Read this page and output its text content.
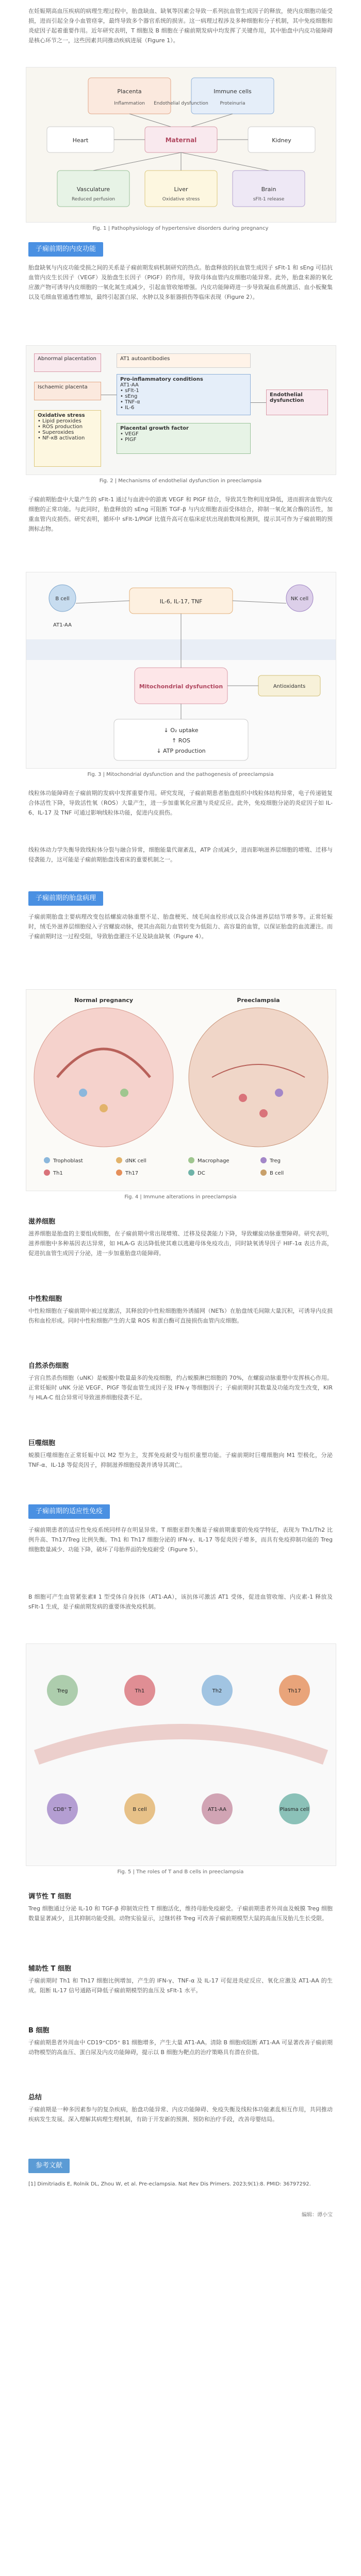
在妊娠期高血压疾病的病理生理过程中，胎盘缺血、缺氧等因素会导致一系列抗血管生成因子的释放，使内皮细胞功能受损，进而引起全身小血管痉挛，最终导致多个器官系统的损害。这一病理过程涉及多种细胞和分子机制，其中免疫细胞和炎症因子起着重要作用。近年研究表明，T 细胞及 B 细胞在子痫前期发病中均发挥了关键作用，其中胎盘中内皮功能障碍是核心环节之一，这些因素共同推动疾病进展（Figure 1）。
Placenta	Immune cells
Maternal
Heart	Kidney
Vasculature	Liver	Brain
Reduced perfusion	Oxidative stress	sFlt-1 release
Inflammation Endothelial dysfunction	Proteinuria
Fig. 1 | Pathophysiology of hypertensive disorders during pregnancy
子痫前期的内皮功能
胎盘缺氧与内皮功能受损之间的关系是子痫前期发病机制研究的热点。胎盘释放的抗血管生成因子 sFlt-1 和 sEng 可拮抗血管内皮生长因子（VEGF）及胎盘生长因子（PlGF）的作用，导致母体血管内皮细胞功能异常。此外，胎盘来源的氧化应激产物可诱导内皮细胞的一氧化氮生成减少，引起血管收缩增强。内皮功能障碍进一步导致凝血系统激活、血小板聚集以及毛细血管通透性增加，最终引起蛋白尿、水肿以及多脏器损伤等临床表现（Figure 2）。
Abnormal placentation
Ischaemic placenta
Oxidative stress
• Lipid peroxides
• ROS production
• Superoxides
• NF-κB activation
AT1 autoantibodies
Pro-inflammatory conditions
AT1-AA
• sFlt-1
• sEng
• TNF-α
• IL-6
Placental growth factor
• VEGF
• PlGF
Endothelial dysfunction
Fig. 2 | Mechanisms of endothelial dysfunction in preeclampsia
子痫前期胎盘中大量产生的 sFlt-1 通过与血液中的游离 VEGF 和 PlGF 结合，导致其生物利用度降低，进而损害血管内皮细胞的正常功能。与此同时，胎盘释放的 sEng 可阻断 TGF-β 与内皮细胞表面受体结合，抑制一氧化氮合酶的活性，加重血管内皮损伤。研究表明，循环中 sFlt-1/PlGF 比值升高可在临床症状出现前数周检测到，提示其可作为子痫前期的预测标志物。
B cell	NK cell
IL-6, IL-17, TNF
AT1-AA
Mitochondrial dysfunction	Antioxidants
↓ O₂ uptake
↑ ROS
↓ ATP production
Fig. 3 | Mitochondrial dysfunction and the pathogenesis of preeclampsia
线粒体功能障碍在子痫前期的发病中发挥重要作用。研究发现，子痫前期患者胎盘组织中线粒体结构异常，电子传递链复合体活性下降，导致活性氧（ROS）大量产生，进一步加重氧化应激与炎症反应。此外，免疫细胞分泌的炎症因子如 IL-6、IL-17 及 TNF 可通过影响线粒体功能，促进内皮损伤。
线粒体动力学失衡导致线粒体分裂与融合异常，细胞能量代谢紊乱，ATP 合成减少，进而影响滋养层细胞的增殖、迁移与侵袭能力，这可能是子痫前期胎盘浅着床的重要机制之一。
子痫前期的胎盘病理
子痫前期胎盘主要病理改变包括螺旋动脉重塑不足、胎盘梗死、绒毛间血栓形成以及合体滋养层结节增多等。正常妊娠时，绒毛外滋养层细胞侵入子宫螺旋动脉，使其由高阻力血管转变为低阻力、高容量的血管，以保证胎盘的血流灌注。而子痫前期时这一过程受阻，导致胎盘灌注不足及缺血缺氧（Figure 4）。
Normal pregnancy	Preeclampsia
Trophoblast	dNK cell	Macrophage	Treg
Th1	Th17	DC	B cell
Fig. 4 | Immune alterations in preeclampsia
滋养细胞
滋养细胞是胎盘的主要组成细胞，在子痫前期中常出现增殖、迁移及侵袭能力下降，导致螺旋动脉重塑障碍。研究表明，滋养细胞中多种基因表达异常，如 HLA-G 表达降低使其难以逃避母体免疫攻击，同时缺氧诱导因子 HIF-1α 表达升高，促进抗血管生成因子分泌，进一步加重胎盘功能障碍。
中性粒细胞
中性粒细胞在子痫前期中被过度激活，其释放的中性粒细胞胞外诱捕网（NETs）在胎盘绒毛间隙大量沉积，可诱导内皮损伤和血栓形成。同时中性粒细胞产生的大量 ROS 和蛋白酶可直接损伤血管内皮细胞。
自然杀伤细胞
子宫自然杀伤细胞（uNK）是蜕膜中数量最多的免疫细胞，约占蜕膜淋巴细胞的 70%，在螺旋动脉重塑中发挥核心作用。正常妊娠时 uNK 分泌 VEGF、PlGF 等促血管生成因子及 IFN-γ 等细胞因子；子痫前期时其数量及功能均发生改变，KIR 与 HLA-C 组合异常可导致滋养细胞侵袭不足。
巨噬细胞
蜕膜巨噬细胞在正常妊娠中以 M2 型为主，发挥免疫耐受与组织重塑功能。子痫前期时巨噬细胞向 M1 型极化，分泌 TNF-α、IL-1β 等促炎因子，抑制滋养细胞侵袭并诱导其凋亡。
子痫前期的适应性免疫
子痫前期患者的适应性免疫系统同样存在明显异常。T 细胞亚群失衡是子痫前期重要的免疫学特征，表现为 Th1/Th2 比例升高、Th17/Treg 比例失衡。Th1 和 Th17 细胞分泌的 IFN-γ、IL-17 等促炎因子增多，而具有免疫抑制功能的 Treg 细胞数量减少、功能下降，破坏了母胎界面的免疫耐受（Figure 5）。
B 细胞可产生血管紧张素Ⅱ 1 型受体自身抗体（AT1-AA），该抗体可激活 AT1 受体，促进血管收缩、内皮素-1 释放及 sFlt-1 生成，是子痫前期发病的重要体液免疫机制。
Treg	Th1	Th2	Th17
CD8⁺ T	B cell	AT1-AA	Plasma cell
Fig. 5 | The roles of T and B cells in preeclampsia
调节性 T 细胞
Treg 细胞通过分泌 IL-10 和 TGF-β 抑制效应性 T 细胞活化，维持母胎免疫耐受。子痫前期患者外周血及蜕膜 Treg 细胞数量显著减少，且其抑制功能受损。动物实验显示，过继转移 Treg 可改善子痫前期模型大鼠的高血压及胎儿生长受限。
辅助性 T 细胞
子痫前期时 Th1 和 Th17 细胞比例增加，产生的 IFN-γ、TNF-α 及 IL-17 可促进炎症反应、氧化应激及 AT1-AA 的生成。阻断 IL-17 信号通路可降低子痫前期模型的血压及 sFlt-1 水平。
B 细胞
子痫前期患者外周血中 CD19⁺CD5⁺ B1 细胞增多，产生大量 AT1-AA。清除 B 细胞或阻断 AT1-AA 可显著改善子痫前期动物模型的高血压、蛋白尿及内皮功能障碍，提示以 B 细胞为靶点的治疗策略具有潜在价值。
总结
子痫前期是一种多因素参与的复杂疾病，胎盘功能异常、内皮功能障碍、免疫失衡及线粒体功能紊乱相互作用，共同推动疾病发生发展。深入理解其病理生理机制，有助于开发新的预测、预防和治疗手段，改善母婴结局。
参考文献
[1] Dimitriadis E, Rolnik DL, Zhou W, et al. Pre-eclampsia. Nat Rev Dis Primers. 2023;9(1):8. PMID: 36797292.
编辑：谭小宝
